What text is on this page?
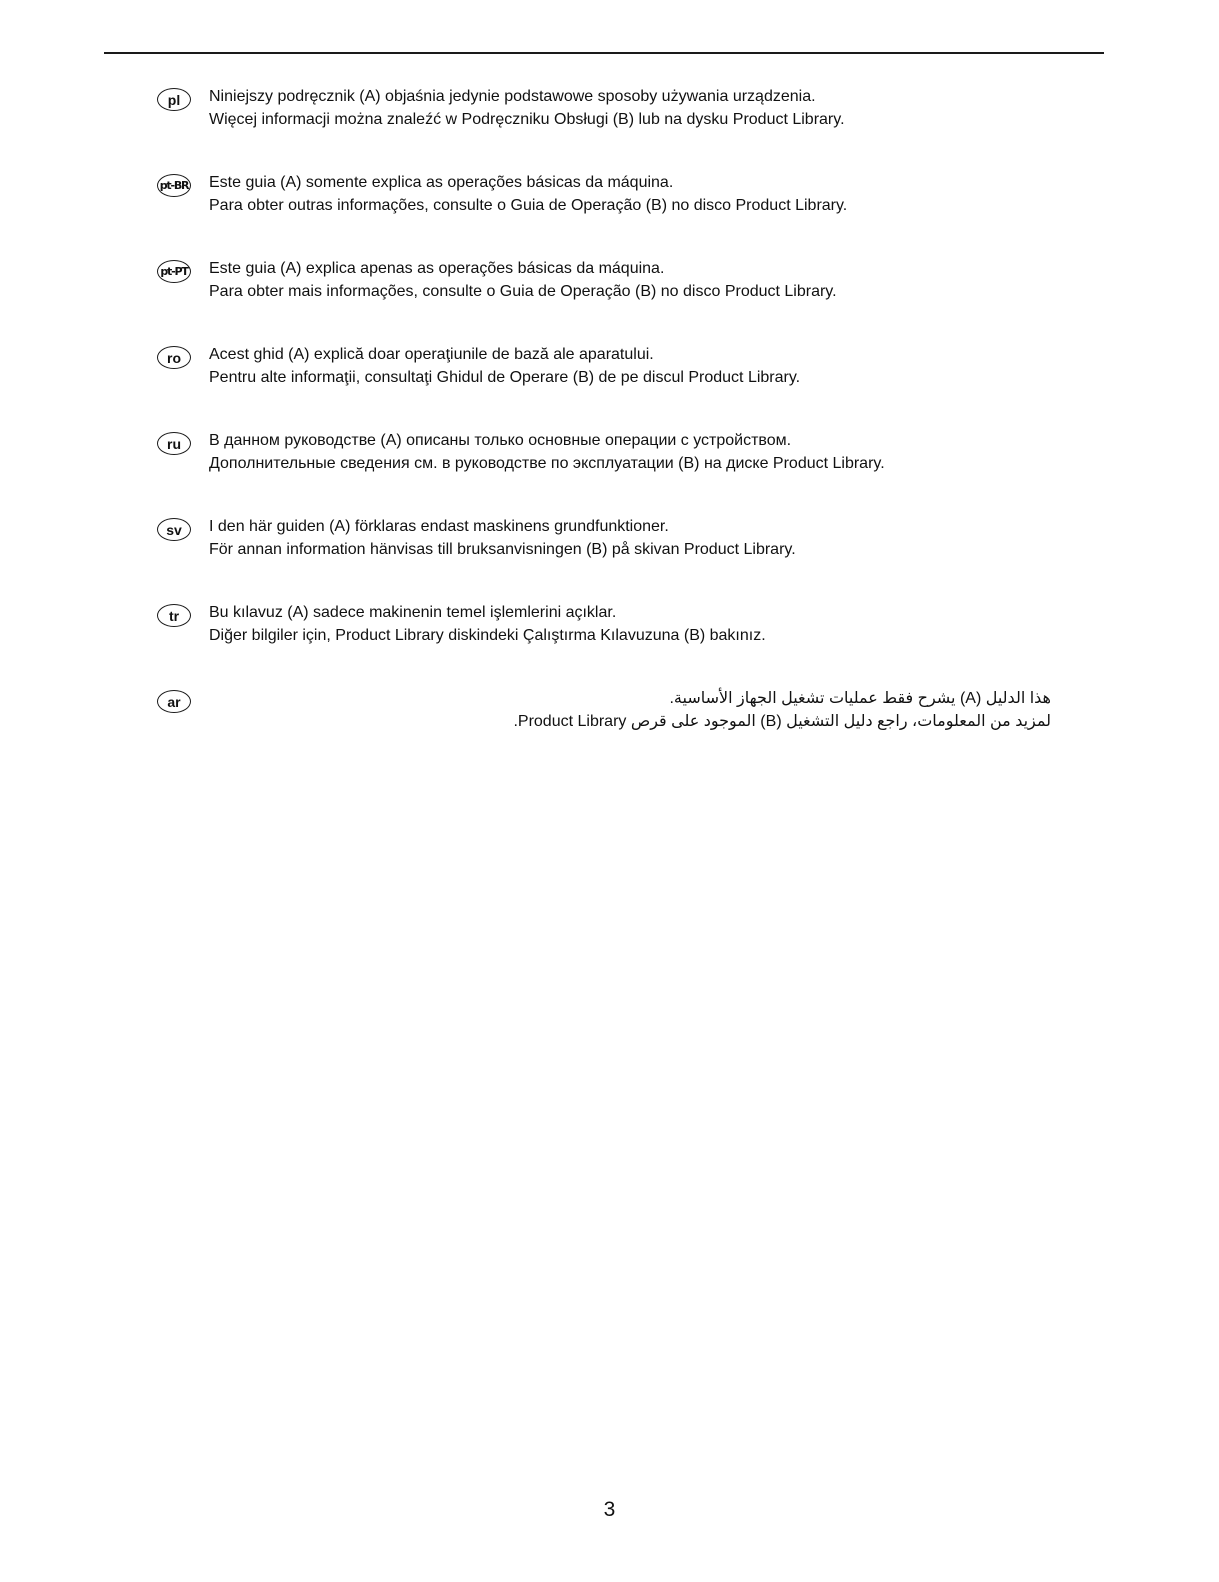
pl	Niniejszy podręcznik (A) objaśnia jedynie podstawowe sposoby używania urządzenia.
Więcej informacji można znaleźć w Podręczniku Obsługi (B) lub na dysku Product Library.
pt-BR Este guia (A) somente explica as operações básicas da máquina.
Para obter outras informações, consulte o Guia de Operação (B) no disco Product Library.
pt-PT Este guia (A) explica apenas as operações básicas da máquina.
Para obter mais informações, consulte o Guia de Operação (B) no disco Product Library.
ro	Acest ghid (A) explică doar operaţiunile de bază ale aparatului.
Pentru alte informaţii, consultaţi Ghidul de Operare (B) de pe discul Product Library.
ru	В данном руководстве (A) описаны только основные операции с устройством.
Дополнительные сведения см. в руководстве по эксплуатации (B) на диске Product Library.
sv	I den här guiden (A) förklaras endast maskinens grundfunktioner.
För annan information hänvisas till bruksanvisningen (B) på skivan Product Library.
tr	Bu kılavuz (A) sadece makinenin temel işlemlerini açıklar.
Diğer bilgiler için, Product Library diskindeki Çalıştırma Kılavuzuna (B) bakınız.
ar	هذا الدليل (A) يشرح فقط عمليات تشغيل الجهاز الأساسية.
لمزيد من المعلومات، راجع دليل التشغيل (B) الموجود على قرص Product Library.
3
